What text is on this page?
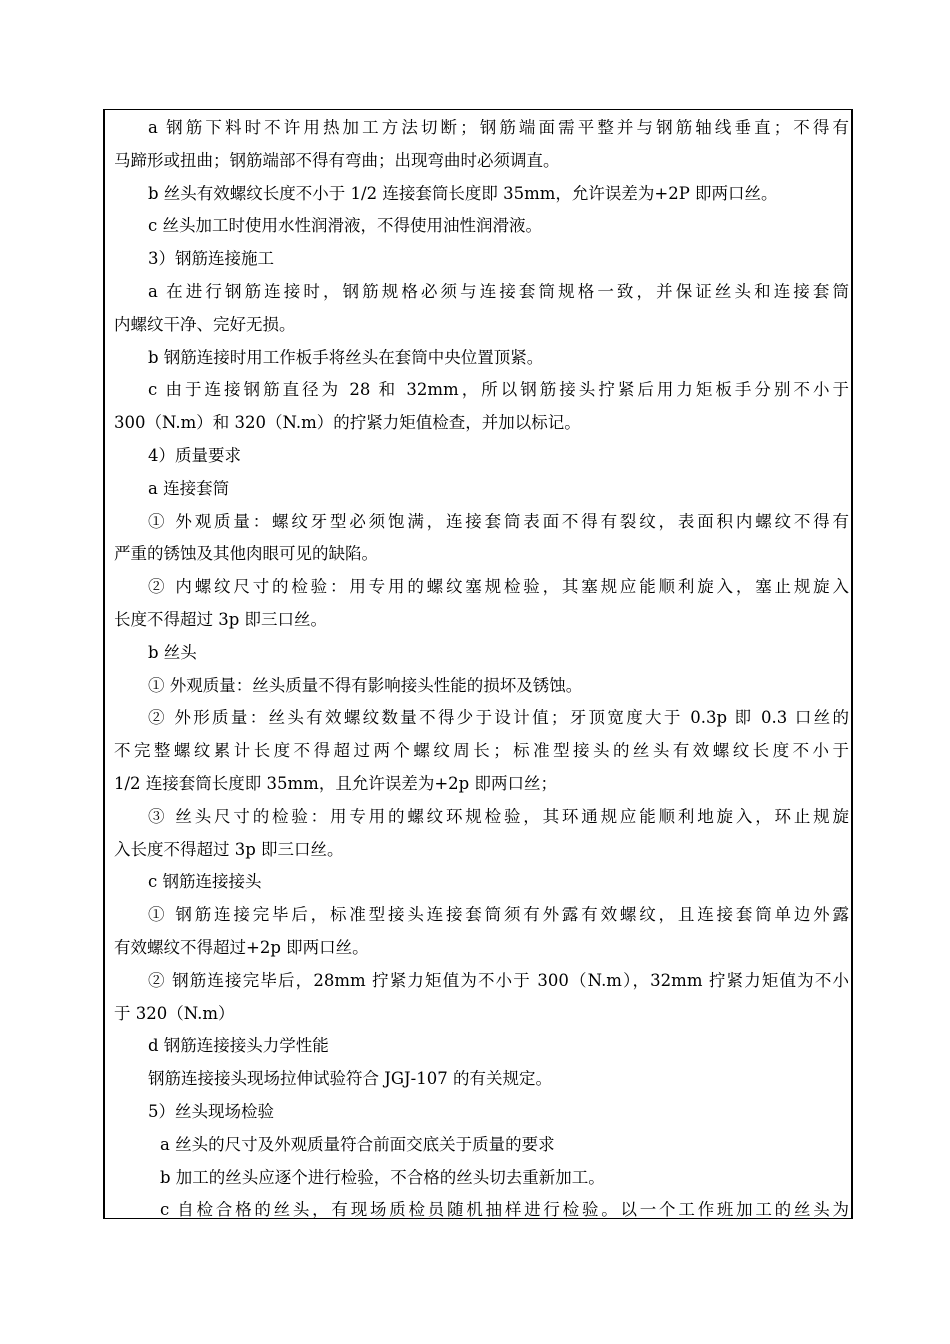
a 钢筋下料时不许用热加工方法切断；钢筋端面需平整并与钢筋轴线垂直；不得有
马蹄形或扭曲；钢筋端部不得有弯曲；出现弯曲时必须调直。
b 丝头有效螺纹长度不小于 1/2 连接套筒长度即 35mm，允许误差为+2P 即两口丝。
c 丝头加工时使用水性润滑液，不得使用油性润滑液。
3）钢筋连接施工
a 在进行钢筋连接时，钢筋规格必须与连接套筒规格一致，并保证丝头和连接套筒
内螺纹干净、完好无损。
b 钢筋连接时用工作板手将丝头在套筒中央位置顶紧。
c 由于连接钢筋直径为 28 和 32mm，所以钢筋接头拧紧后用力矩板手分别不小于
300（N.m）和 320（N.m）的拧紧力矩值检查，并加以标记。
4）质量要求
a 连接套筒
① 外观质量：螺纹牙型必须饱满，连接套筒表面不得有裂纹，表面积内螺纹不得有
严重的锈蚀及其他肉眼可见的缺陷。
② 内螺纹尺寸的检验：用专用的螺纹塞规检验，其塞规应能顺利旋入，塞止规旋入
长度不得超过 3p 即三口丝。
b 丝头
① 外观质量：丝头质量不得有影响接头性能的损坏及锈蚀。
② 外形质量：丝头有效螺纹数量不得少于设计值；牙顶宽度大于 0.3p 即 0.3 口丝的
不完整螺纹累计长度不得超过两个螺纹周长；标准型接头的丝头有效螺纹长度不小于
1/2 连接套筒长度即 35mm，且允许误差为+2p 即两口丝；
③ 丝头尺寸的检验：用专用的螺纹环规检验，其环通规应能顺利地旋入，环止规旋
入长度不得超过 3p 即三口丝。
c 钢筋连接接头
① 钢筋连接完毕后，标准型接头连接套筒须有外露有效螺纹，且连接套筒单边外露
有效螺纹不得超过+2p 即两口丝。
② 钢筋连接完毕后，28mm 拧紧力矩值为不小于 300（N.m），32mm 拧紧力矩值为不小
于 320（N.m）
d 钢筋连接接头力学性能
钢筋连接接头现场拉伸试验符合 JGJ-107 的有关规定。
5）丝头现场检验
a 丝头的尺寸及外观质量符合前面交底关于质量的要求
b 加工的丝头应逐个进行检验，不合格的丝头切去重新加工。
c 自检合格的丝头，有现场质检员随机抽样进行检验。以一个工作班加工的丝头为
